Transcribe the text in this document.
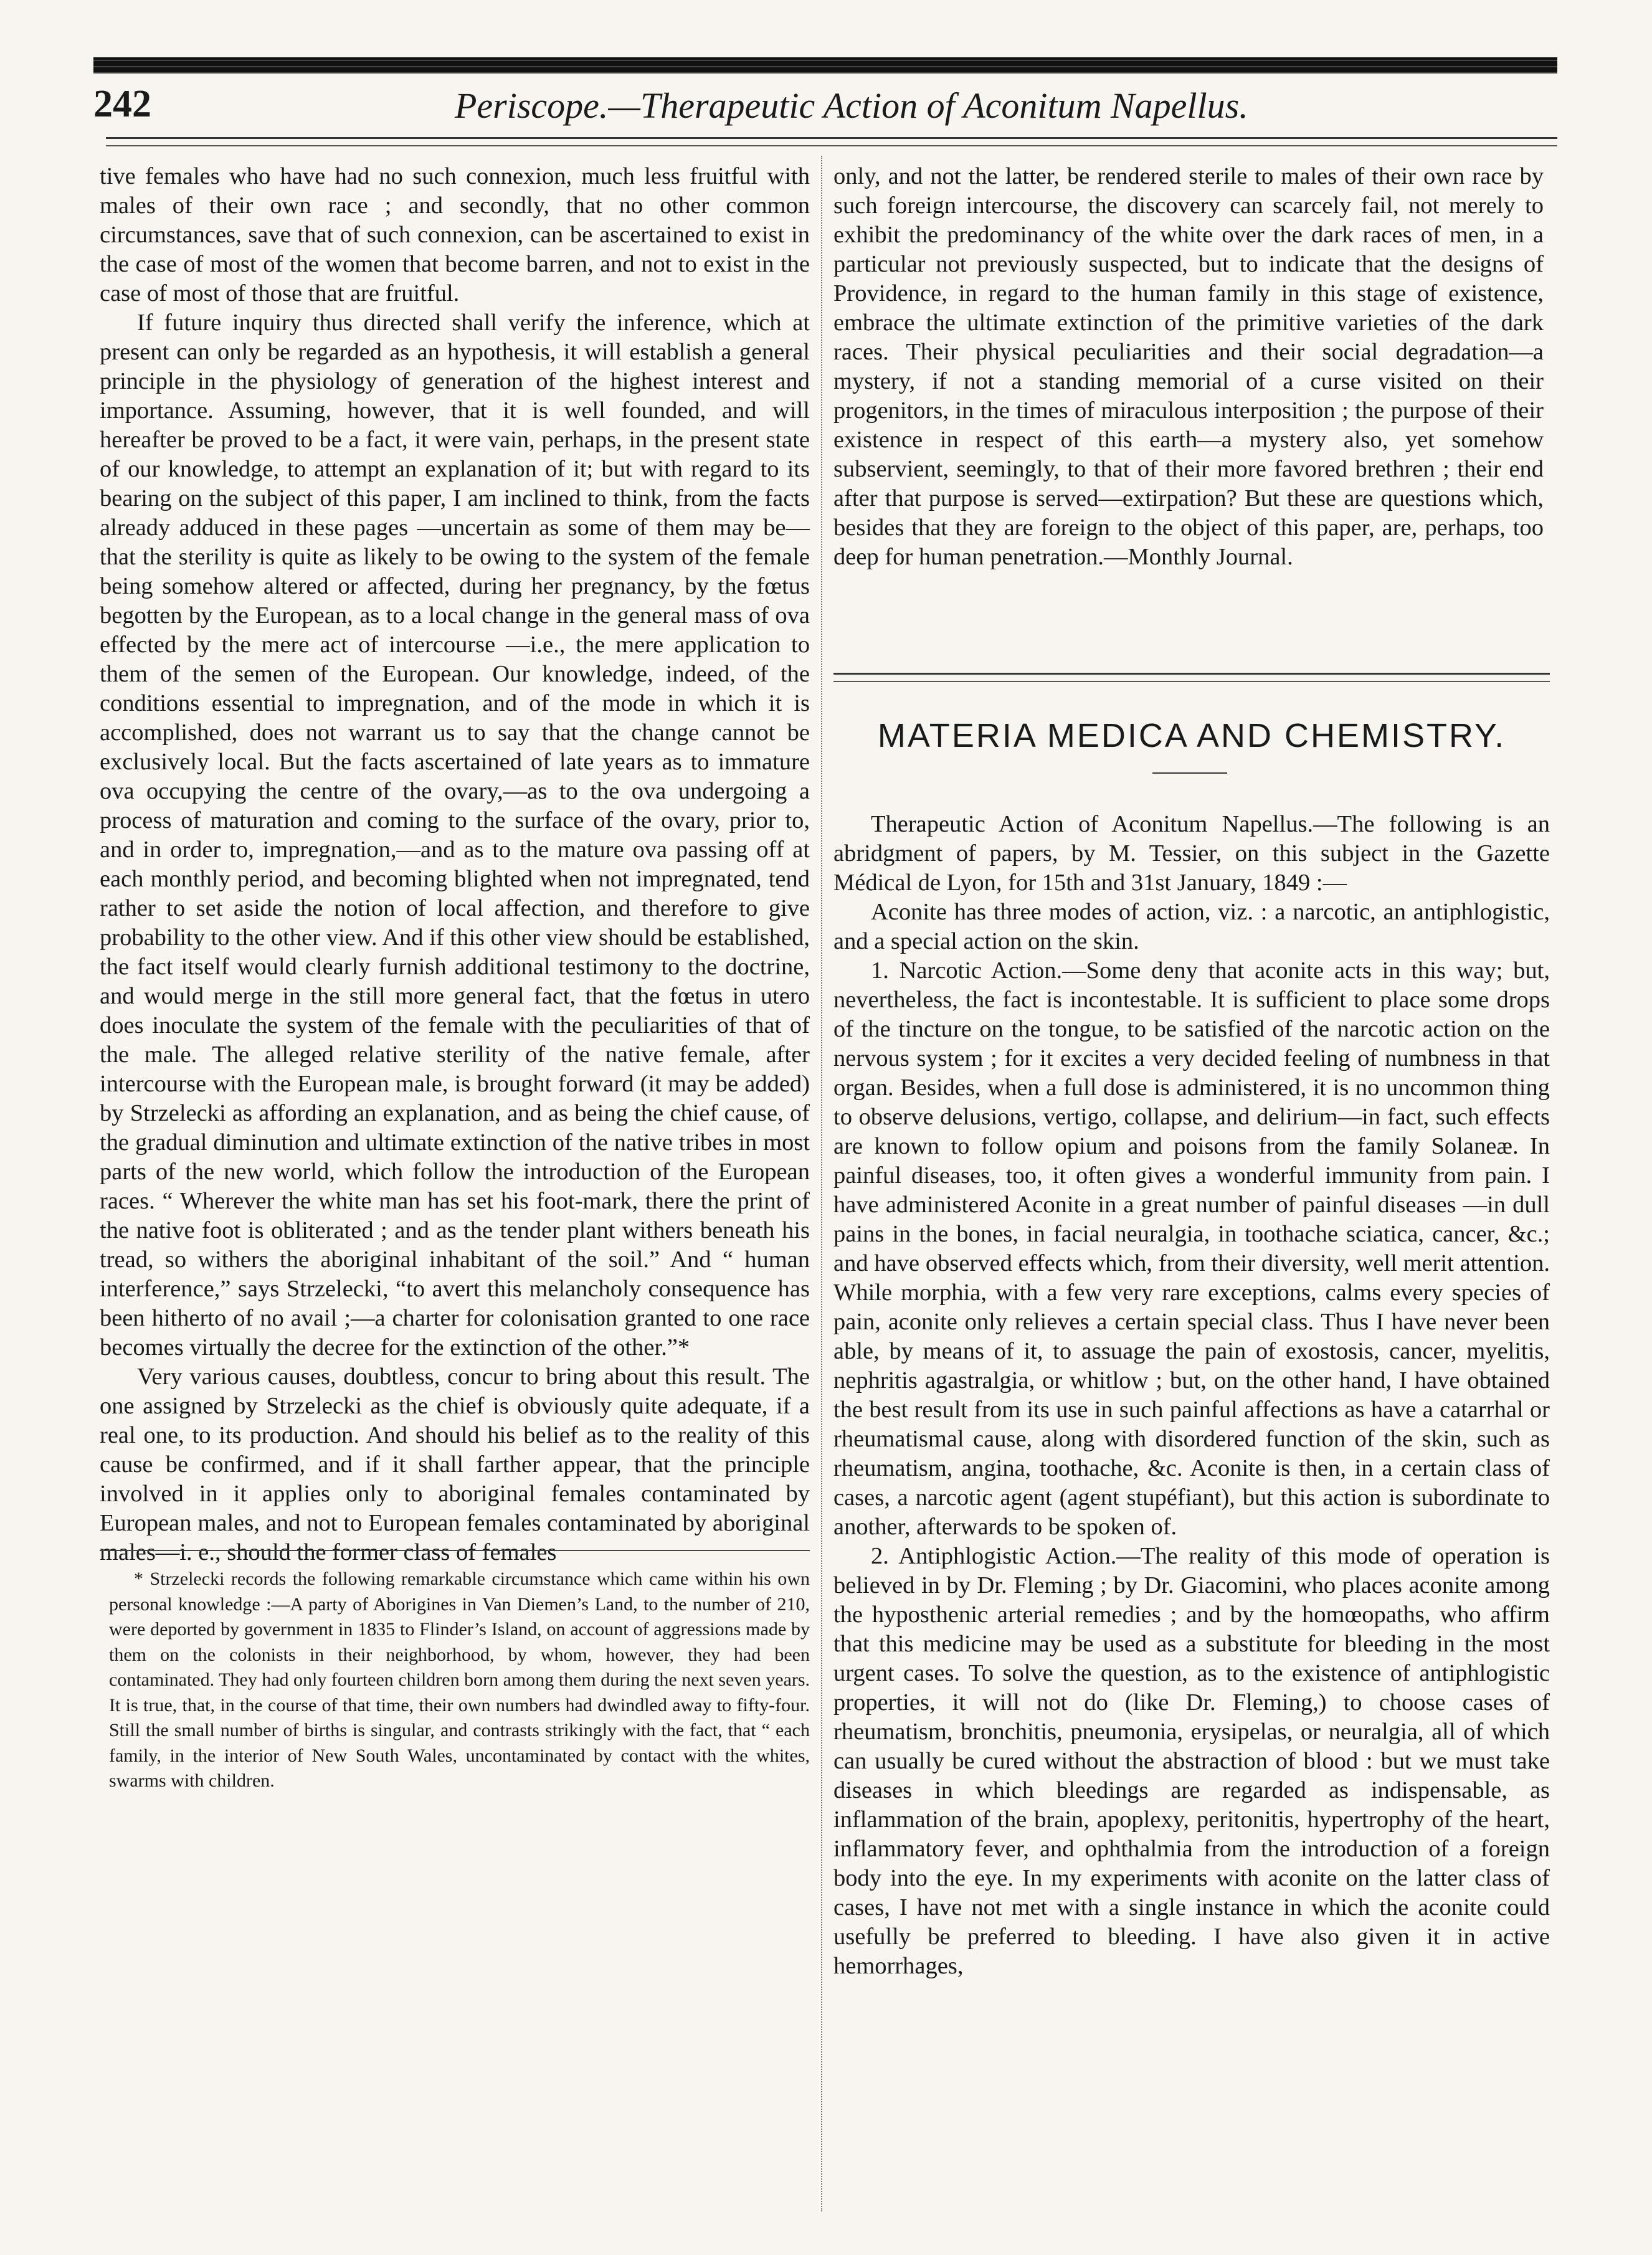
242	Periscope.—Therapeutic Action of Aconitum Napellus.

tive females who have had no such connexion, much less fruitful with males of their own race ; and secondly, that no other common circumstances, save that of such connexion, can be ascertained to exist in the case of most of the women that become barren, and not to exist in the case of most of those that are fruitful.

If future inquiry thus directed shall verify the inference, which at present can only be regarded as an hypothesis, it will establish a general principle in the physiology of generation of the highest interest and importance. Assuming, however, that it is well founded, and will hereafter be proved to be a fact, it were vain, perhaps, in the present state of our knowledge, to attempt an explanation of it; but with regard to its bearing on the subject of this paper, I am inclined to think, from the facts already adduced in these pages —uncertain as some of them may be—that the sterility is quite as likely to be owing to the system of the female being somehow altered or affected, during her pregnancy, by the fœtus begotten by the European, as to a local change in the general mass of ova effected by the mere act of intercourse —i.e., the mere application to them of the semen of the European. Our knowledge, indeed, of the conditions essential to impregnation, and of the mode in which it is accomplished, does not warrant us to say that the change cannot be exclusively local. But the facts ascertained of late years as to immature ova occupying the centre of the ovary,—as to the ova undergoing a process of maturation and coming to the surface of the ovary, prior to, and in order to, impregnation,—and as to the mature ova passing off at each monthly period, and becoming blighted when not impregnated, tend rather to set aside the notion of local affection, and therefore to give probability to the other view. And if this other view should be established, the fact itself would clearly furnish additional testimony to the doctrine, and would merge in the still more general fact, that the fœtus in utero does inoculate the system of the female with the peculiarities of that of the male. The alleged relative sterility of the native female, after intercourse with the European male, is brought forward (it may be added) by Strzelecki as affording an explanation, and as being the chief cause, of the gradual diminution and ultimate extinction of the native tribes in most parts of the new world, which follow the introduction of the European races. “ Wherever the white man has set his foot-mark, there the print of the native foot is obliterated ; and as the tender plant withers beneath his tread, so withers the aboriginal inhabitant of the soil.” And “ human interference,” says Strzelecki, “to avert this melancholy consequence has been hitherto of no avail ;—a charter for colonisation granted to one race becomes virtually the decree for the extinction of the other.”*

Very various causes, doubtless, concur to bring about this result. The one assigned by Strzelecki as the chief is obviously quite adequate, if a real one, to its production. And should his belief as to the reality of this cause be confirmed, and if it shall farther appear, that the principle involved in it applies only to aboriginal females contaminated by European males, and not to European females contaminated by aboriginal males—i. e., should the former class of females

* Strzelecki records the following remarkable circumstance which came within his own personal knowledge :—A party of Aborigines in Van Diemen’s Land, to the number of 210, were deported by government in 1835 to Flinder’s Island, on account of aggressions made by them on the colonists in their neighborhood, by whom, however, they had been contaminated. They had only fourteen children born among them during the next seven years. It is true, that, in the course of that time, their own numbers had dwindled away to fifty-four. Still the small number of births is singular, and contrasts strikingly with the fact, that “ each family, in the interior of New South Wales, uncontaminated by contact with the whites, swarms with children.

only, and not the latter, be rendered sterile to males of their own race by such foreign intercourse, the discovery can scarcely fail, not merely to exhibit the predominancy of the white over the dark races of men, in a particular not previously suspected, but to indicate that the designs of Providence, in regard to the human family in this stage of existence, embrace the ultimate extinction of the primitive varieties of the dark races. Their physical peculiarities and their social degradation—a mystery, if not a standing memorial of a curse visited on their progenitors, in the times of miraculous interposition ; the purpose of their existence in respect of this earth—a mystery also, yet somehow subservient, seemingly, to that of their more favored brethren ; their end after that purpose is served—extirpation? But these are questions which, besides that they are foreign to the object of this paper, are, perhaps, too deep for human penetration.—Monthly Journal.

MATERIA MEDICA AND CHEMISTRY.

Therapeutic Action of Aconitum Napellus.—The following is an abridgment of papers, by M. Tessier, on this subject in the Gazette Médical de Lyon, for 15th and 31st January, 1849 :—

Aconite has three modes of action, viz. : a narcotic, an antiphlogistic, and a special action on the skin.

1. Narcotic Action.—Some deny that aconite acts in this way; but, nevertheless, the fact is incontestable. It is sufficient to place some drops of the tincture on the tongue, to be satisfied of the narcotic action on the nervous system ; for it excites a very decided feeling of numbness in that organ. Besides, when a full dose is administered, it is no uncommon thing to observe delusions, vertigo, collapse, and delirium—in fact, such effects are known to follow opium and poisons from the family Solaneæ. In painful diseases, too, it often gives a wonderful immunity from pain. I have administered Aconite in a great number of painful diseases —in dull pains in the bones, in facial neuralgia, in toothache sciatica, cancer, &c.; and have observed effects which, from their diversity, well merit attention. While morphia, with a few very rare exceptions, calms every species of pain, aconite only relieves a certain special class. Thus I have never been able, by means of it, to assuage the pain of exostosis, cancer, myelitis, nephritis agastralgia, or whitlow ; but, on the other hand, I have obtained the best result from its use in such painful affections as have a catarrhal or rheumatismal cause, along with disordered function of the skin, such as rheumatism, angina, toothache, &c. Aconite is then, in a certain class of cases, a narcotic agent (agent stupéfiant), but this action is subordinate to another, afterwards to be spoken of.

2. Antiphlogistic Action.—The reality of this mode of operation is believed in by Dr. Fleming ; by Dr. Giacomini, who places aconite among the hyposthenic arterial remedies ; and by the homœopaths, who affirm that this medicine may be used as a substitute for bleeding in the most urgent cases. To solve the question, as to the existence of antiphlogistic properties, it will not do (like Dr. Fleming,) to choose cases of rheumatism, bronchitis, pneumonia, erysipelas, or neuralgia, all of which can usually be cured without the abstraction of blood : but we must take diseases in which bleedings are regarded as indispensable, as inflammation of the brain, apoplexy, peritonitis, hypertrophy of the heart, inflammatory fever, and ophthalmia from the introduction of a foreign body into the eye. In my experiments with aconite on the latter class of cases, I have not met with a single instance in which the aconite could usefully be preferred to bleeding. I have also given it in active hemorrhages,
